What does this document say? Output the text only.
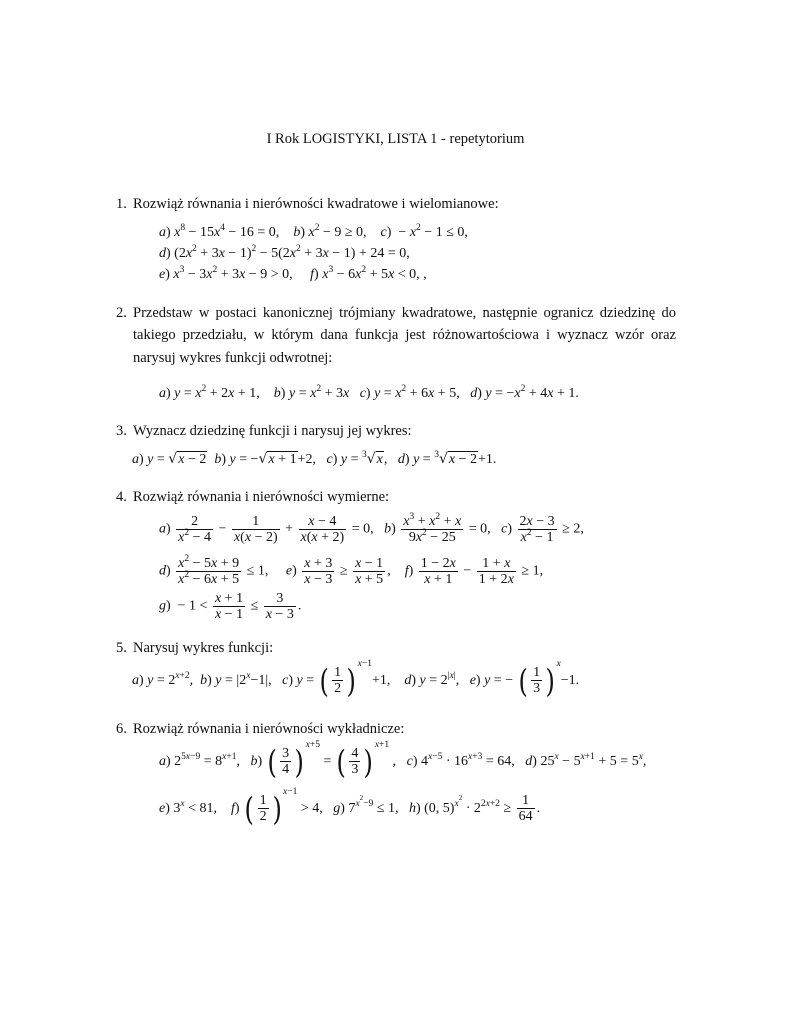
I Rok LOGISTYKI, LISTA 1 - repetytorium
1. Rozwiąż równania i nierówności kwadratowe i wielomianowe:
a) $x^8 - 15x^4 - 16 = 0$,    b) $x^2 - 9 \ge 0$,    $c) - x^2 - 1 \le 0$,
d) $(2x^2 + 3x - 1)^2 - 5(2x^2 + 3x - 1) + 24 = 0$,
e) $x^3 - 3x^2 + 3x - 9 > 0$,     f) $x^3 - 6x^2 + 5x < 0$, ,
2. Przedstaw w postaci kanonicznej trójmiany kwadratowe, następnie ogranicz dziedzinę do takiego przedziału, w którym dana funkcja jest różnowartościowa i wyznacz wzór oraz narysuj wykres funkcji odwrotnej:
a) $y = x^2 + 2x + 1$,    b) $y = x^2 + 3x$ c) $y = x^2 + 6x + 5$,   d) $y = -x^2 + 4x + 1$.
3. Wyznacz dziedzinę funkcji i narysuj jej wykres:
a) y = √x − 2 b) y = −√x + 1+2,   c) y = $^3$√x,   d) y = $^3$√x − 2+1.
4. Rozwiąż równania i nierówności wymierne:
$a) \frac{2}{x^2 - 4} - \frac{1}{x(x - 2)} + \frac{x - 4}{x(x + 2)} = 0$,   $b) \frac{x^3 + x^2 + x}{9x^2 - 25} = 0$,   $c) \frac{2x - 3}{x^2 - 1} \ge 2$,
$d) \frac{x^2 - 5x + 9}{x^2 - 6x + 5} \le 1$,     $e) \frac{x + 3}{x - 3} \ge \frac{x - 1}{x + 5}$ ,    $f) \frac{1 - 2x}{x + 1} - \frac{1 + x}{1 + 2x} \ge 1$,
$g) - 1 < \frac{x + 1}{x - 1} \le \frac{3}{x - 3}$ .
5. Narysuj wykres funkcji:
a) $y = 2^{x+2}$,  b) $y = |2^x-1|$,   c) y = ( $\frac{1}{2}$ ) $^{x-1}$+1,    d) $y = 2^{|x|}$,   e) y = − ( $\frac{1}{3}$ ) $^x$−1.
6. Rozwiąż równania i nierówności wykładnicze:
a) $2^{5x-9} = 8^{x+1}$,   b) ( $\frac{3}{4}$ ) $^{x+5}$ = ( $\frac{4}{3}$ ) $^{x+1}$ ,   c) $4^{x-5} \cdot 16^{x+3} = 64$,   d) $25^x - 5^{x+1} + 5 = 5^x$,
e) $3^x < 81$,    f) ( $\frac{1}{2}$ ) $^{x-1}$ > 4,   g) $7^{x^2-9} \le 1$,   h) (0, $5)^{x^2} \cdot 2^{2x+2} \ge \frac{1}{64}$ .
